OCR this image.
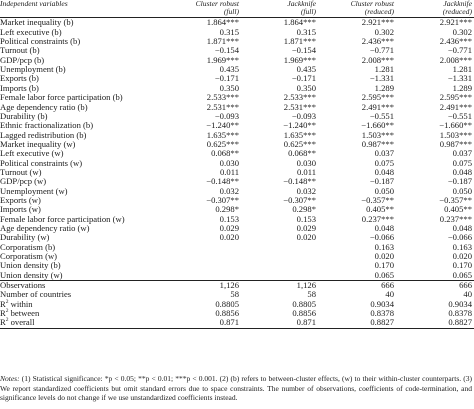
Independent variables	Cluster robust	Jackknife	Cluster robust	Jackknife
	(full)	(full)	(reduced)	(reduced)
Market inequality (b)	1.864***	1.864***	2.921***	2.921***
Left executive (b)	0.315	0.315	0.302	0.302
Political constraints (b)	1.871***	1.871***	2.436***	2.436***
Turnout (b)	−0.154	−0.154	−0.771	−0.771
GDP/pcp (b)	1.969***	1.969***	2.008***	2.008***
Unemployment (b)	0.435	0.435	1.281	1.281
Exports (b)	−0.171	−0.171	−1.331	−1.331
Imports (b)	0.350	0.350	1.289	1.289
Female labor force participation (b)	2.533***	2.533***	2.595***	2.595***
Age dependency ratio (b)	2.531***	2.531***	2.491***	2.491***
Durability (b)	−0.093	−0.093	−0.551	−0.551
Ethnic fractionalization (b)	−1.240**	−1.240**	−1.660**	−1.660**
Lagged redistribution (b)	1.635***	1.635***	1.503***	1.503***
Market inequality (w)	0.625***	0.625***	0.987***	0.987***
Left executive (w)	0.068**	0.068**	0.037	0.037
Political constraints (w)	0.030	0.030	0.075	0.075
Turnout (w)	0.011	0.011	0.048	0.048
GDP/pcp (w)	−0.148**	−0.148**	−0.187	−0.187
Unemployment (w)	0.032	0.032	0.050	0.050
Exports (w)	−0.307**	−0.307**	−0.357**	−0.357**
Imports (w)	0.298*	0.298*	0.405**	0.405**
Female labor force participation (w)	0.153	0.153	0.237***	0.237***
Age dependency ratio (w)	0.029	0.029	0.048	0.048
Durability (w)	0.020	0.020	−0.066	−0.066
Corporatism (b)			0.163	0.163
Corporatism (w)			0.020	0.020
Union density (b)			0.170	0.170
Union density (w)			0.065	0.065
Observations	1,126	1,126	666	666
Number of countries	58	58	40	40
$R^2$ within	0.8805	0.8805	0.9034	0.9034
$R^2$ between	0.8856	0.8856	0.8378	0.8378
$R^2$ overall	0.871	0.871	0.8827	0.8827
Notes: (1) Statistical significance: *p < 0.05; **p < 0.01; ***p < 0.001. (2) (b) refers to between-cluster effects, (w) to their within-cluster counterparts. (3) We report standardized coefficients but omit standard errors due to space constraints. The number of observations, coefficients of code-termination, and significance levels do not change if we use unstandardized coefficients instead.
